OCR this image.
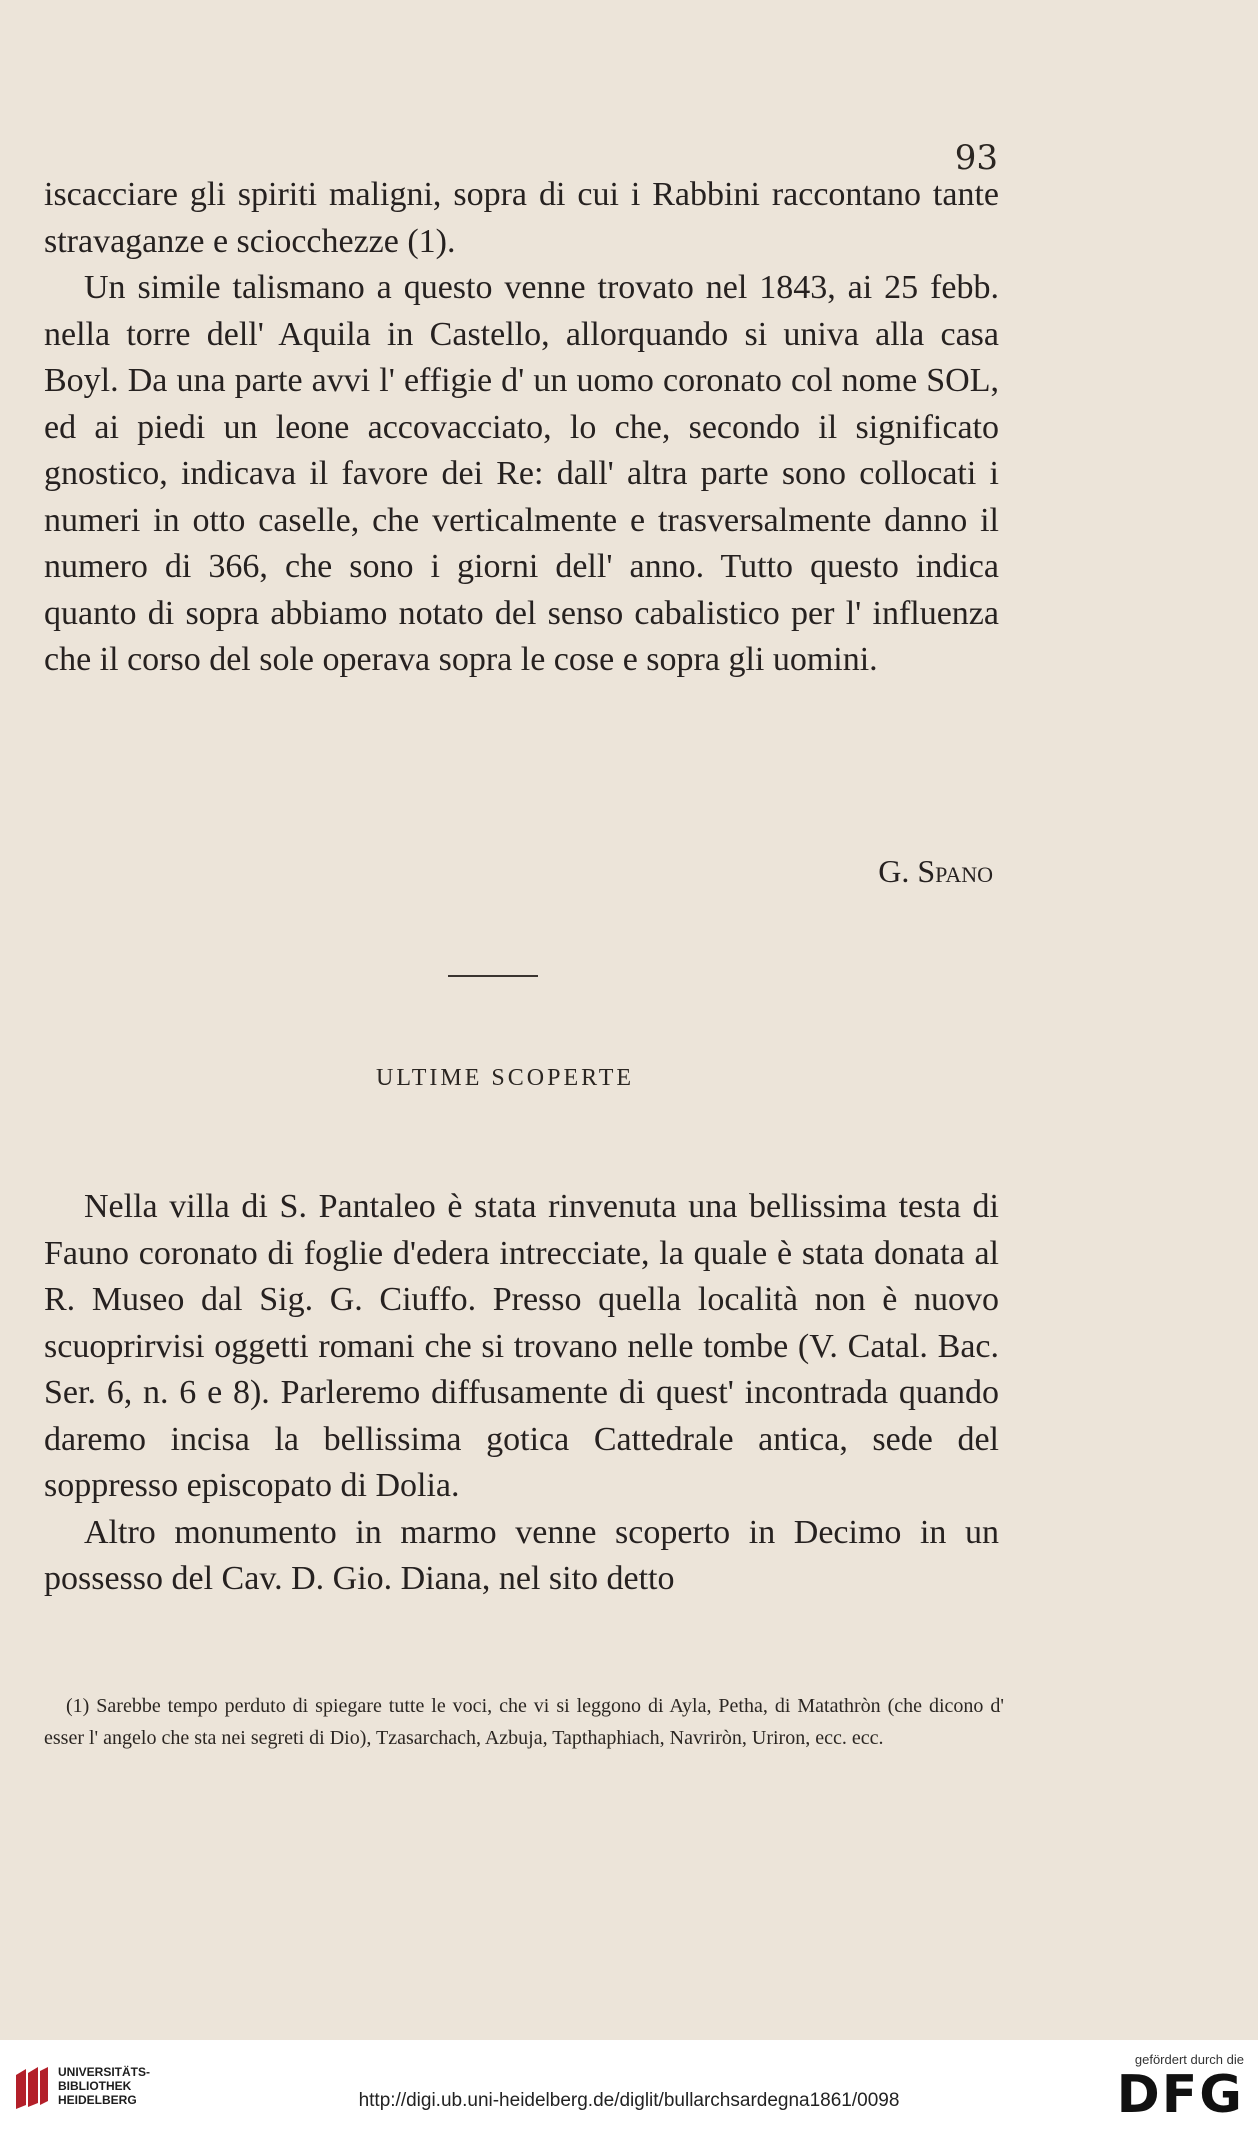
93

iscacciare gli spiriti maligni, sopra di cui i Rabbini raccontano tante stravaganze e sciocchezze (1).

Un simile talismano a questo venne trovato nel 1843, ai 25 febb. nella torre dell' Aquila in Castello, allorquando si univa alla casa Boyl. Da una parte avvi l' effigie d' un uomo coronato col nome SOL, ed ai piedi un leone accovacciato, lo che, secondo il significato gnostico, indicava il favore dei Re: dall' altra parte sono collocati i numeri in otto caselle, che verticalmente e trasversalmente danno il numero di 366, che sono i giorni dell' anno. Tutto questo indica quanto di sopra abbiamo notato del senso cabalistico per l' influenza che il corso del sole operava sopra le cose e sopra gli uomini.

G. Spano
ULTIME SCOPERTE

Nella villa di S. Pantaleo è stata rinvenuta una bellissima testa di Fauno coronato di foglie d'edera intrecciate, la quale è stata donata al R. Museo dal Sig. G. Ciuffo. Presso quella località non è nuovo scuoprirvisi oggetti romani che si trovano nelle tombe (V. Catal. Bac. Ser. 6, n. 6 e 8). Parleremo diffusamente di quest' incontrada quando daremo incisa la bellissima gotica Cattedrale antica, sede del soppresso episcopato di Dolia.

Altro monumento in marmo venne scoperto in Decimo in un possesso del Cav. D. Gio. Diana, nel sito detto

(1) Sarebbe tempo perduto di spiegare tutte le voci, che vi si leggono di Ayla, Petha, di Matathròn (che dicono d' esser l' angelo che sta nei segreti di Dio), Tzasarchach, Azbuja, Tapthaphiach, Navriròn, Uriron, ecc. ecc.

UNIVERSITÄTS-
BIBLIOTHEK
HEIDELBERG	http://digi.ub.uni-heidelberg.de/diglit/bullarchsardegna1861/0098
gefördert durch die
DFG
